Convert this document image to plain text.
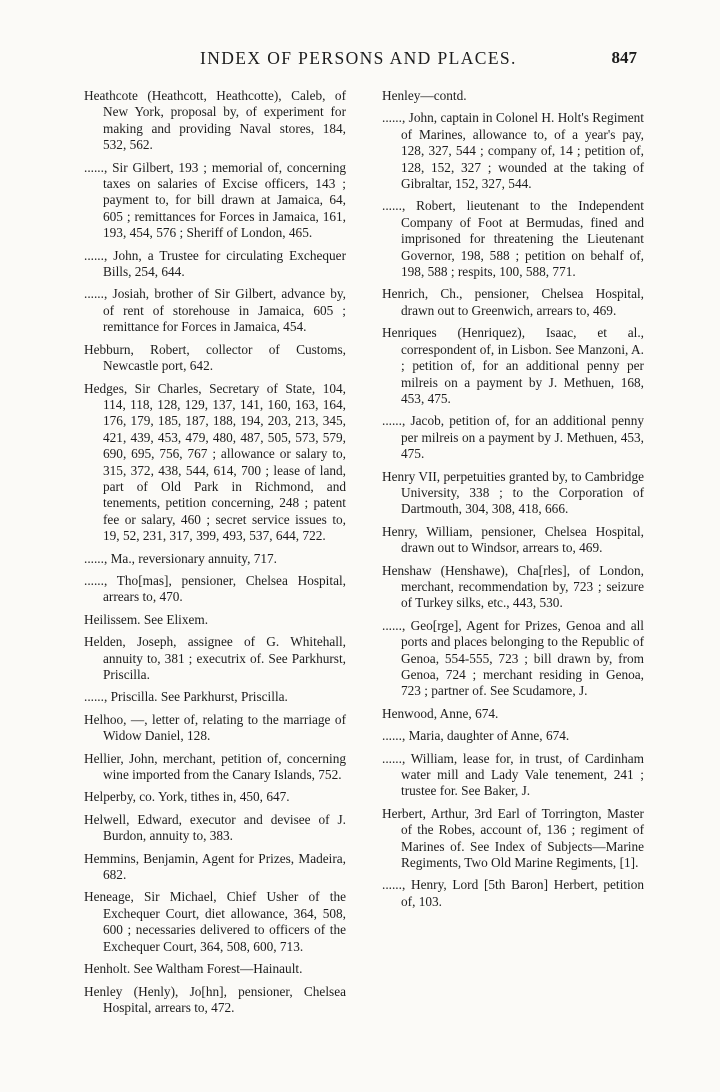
INDEX OF PERSONS AND PLACES.	847

Heathcote (Heathcott, Heathcotte), Caleb, of New York, proposal by, of experiment for making and providing Naval stores, 184, 532, 562.

......, Sir Gilbert, 193 ; memorial of, concerning taxes on salaries of Excise officers, 143 ; payment to, for bill drawn at Jamaica, 64, 605 ; remittances for Forces in Jamaica, 161, 193, 454, 576 ; Sheriff of London, 465.

......, John, a Trustee for circulating Exchequer Bills, 254, 644.

......, Josiah, brother of Sir Gilbert, advance by, of rent of storehouse in Jamaica, 605 ; remittance for Forces in Jamaica, 454.

Hebburn, Robert, collector of Customs, Newcastle port, 642.

Hedges, Sir Charles, Secretary of State, 104, 114, 118, 128, 129, 137, 141, 160, 163, 164, 176, 179, 185, 187, 188, 194, 203, 213, 345, 421, 439, 453, 479, 480, 487, 505, 573, 579, 690, 695, 756, 767 ; allowance or salary to, 315, 372, 438, 544, 614, 700 ; lease of land, part of Old Park in Richmond, and tenements, petition concerning, 248 ; patent fee or salary, 460 ; secret service issues to, 19, 52, 231, 317, 399, 493, 537, 644, 722.

......, Ma., reversionary annuity, 717.

......, Tho[mas], pensioner, Chelsea Hospital, arrears to, 470.

Heilissem. See Elixem.

Helden, Joseph, assignee of G. Whitehall, annuity to, 381 ; executrix of. See Parkhurst, Priscilla.

......, Priscilla. See Parkhurst, Priscilla.

Helhoo, —, letter of, relating to the marriage of Widow Daniel, 128.

Hellier, John, merchant, petition of, concerning wine imported from the Canary Islands, 752.

Helperby, co. York, tithes in, 450, 647.

Helwell, Edward, executor and devisee of J. Burdon, annuity to, 383.

Hemmins, Benjamin, Agent for Prizes, Madeira, 682.

Heneage, Sir Michael, Chief Usher of the Exchequer Court, diet allowance, 364, 508, 600 ; necessaries delivered to officers of the Exchequer Court, 364, 508, 600, 713.

Henholt. See Waltham Forest—Hainault.

Henley (Henly), Jo[hn], pensioner, Chelsea Hospital, arrears to, 472.

Henley—contd.

......, John, captain in Colonel H. Holt's Regiment of Marines, allowance to, of a year's pay, 128, 327, 544 ; company of, 14 ; petition of, 128, 152, 327 ; wounded at the taking of Gibraltar, 152, 327, 544.

......, Robert, lieutenant to the Independent Company of Foot at Bermudas, fined and imprisoned for threatening the Lieutenant Governor, 198, 588 ; petition on behalf of, 198, 588 ; respits, 100, 588, 771.

Henrich, Ch., pensioner, Chelsea Hospital, drawn out to Greenwich, arrears to, 469.

Henriques (Henriquez), Isaac, et al., correspondent of, in Lisbon. See Manzoni, A. ; petition of, for an additional penny per milreis on a payment by J. Methuen, 168, 453, 475.

......, Jacob, petition of, for an additional penny per milreis on a payment by J. Methuen, 453, 475.

Henry VII, perpetuities granted by, to Cambridge University, 338 ; to the Corporation of Dartmouth, 304, 308, 418, 666.

Henry, William, pensioner, Chelsea Hospital, drawn out to Windsor, arrears to, 469.

Henshaw (Henshawe), Cha[rles], of London, merchant, recommendation by, 723 ; seizure of Turkey silks, etc., 443, 530.

......, Geo[rge], Agent for Prizes, Genoa and all ports and places belonging to the Republic of Genoa, 554-555, 723 ; bill drawn by, from Genoa, 724 ; merchant residing in Genoa, 723 ; partner of. See Scudamore, J.

Henwood, Anne, 674.

......, Maria, daughter of Anne, 674.

......, William, lease for, in trust, of Cardinham water mill and Lady Vale tenement, 241 ; trustee for. See Baker, J.

Herbert, Arthur, 3rd Earl of Torrington, Master of the Robes, account of, 136 ; regiment of Marines of. See Index of Subjects—Marine Regiments, Two Old Marine Regiments, [1].

......, Henry, Lord [5th Baron] Herbert, petition of, 103.
